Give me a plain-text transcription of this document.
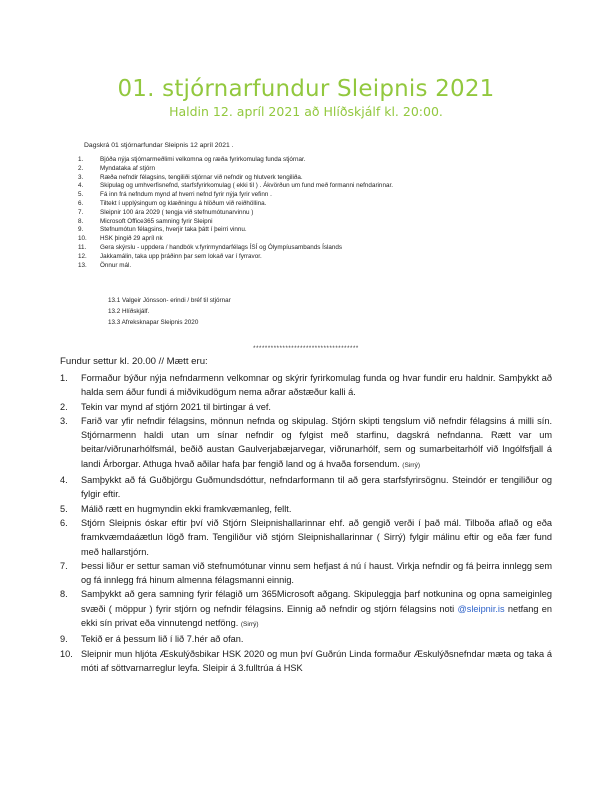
01. stjórnarfundur Sleipnis 2021
Haldin 12. apríl 2021 að Hlíðskjálf kl. 20:00.
Dagskrá 01 stjórnarfundar Sleipnis 12 apríl 2021 .
1.	Bjóða nýja stjórnarmeðlimi velkomna og ræða fyrirkomulag funda stjórnar.
2.	Myndataka af stjórn
3.	Ræða nefndir félagsins, tengiliði stjórnar við nefndir og hlutverk tengiliða.
4.	Skipulag og umhverfisnefnd, starfsfyrirkomulag ( ekki til ) . Ákvörðun um fund með formanni nefndarinnar.
5.	Fá inn frá nefndum mynd af hverri nefnd fyrir nýja fyrir vefinn .
6.	Tiltekt í upplýsingum og klæðningu á hlöðum við reiðhöllina.
7.	Sleipnir 100 ára 2029 ( tengja við stefnumótunarvinnu )
8.	Microsoft Office365 samning fyrir Sleipni
9.	Stefnumótun félagsins, hverjir taka þátt í þeirri vinnu.
10.	HSK þingið 29 apríl nk
11.	Gera skýrslu - uppdera / handbók v.fyrirmyndarfélags ÍSÍ og Ólympíusambands Íslands
12.	Jakkamálin, taka upp þráðinn þar sem lokað var í fyrravor.
13.	Önnur mál.
13.1 Valgeir Jónsson- erindi / bréf til stjórnar
13.2 Hlíðskjálf.
13.3 Afreksknapar Sleipnis 2020
************************************
Fundur settur kl. 20.00 // Mætt eru:
1.	Formaður býður nýja nefndarmenn velkomnar og skýrir fyrirkomulag funda og hvar fundir eru haldnir. Samþykkt að halda sem áður fundi á miðvikudögum nema aðrar aðstæður kalli á.
2.	Tekin var mynd af stjórn 2021 til birtingar á vef.
3.	Farið var yfir nefndir félagsins, mönnun nefnda og skipulag. Stjórn skipti tengslum við nefndir félagsins á milli sín. Stjórnarmenn haldi utan um sínar nefndir og fylgist með starfinu, dagskrá nefndanna. Rætt var um beitar/viðrunarhólfsmál, beðið austan Gaulverjabæjarvegar, viðrunarhólf, sem og sumarbeitarhólf við Ingólfsfjall á landi Árborgar. Athuga hvað aðilar hafa þar fengið land og á hvaða forsendum. (Sirrý)
4.	Samþykkt að fá Guðbjörgu Guðmundsdóttur, nefndarformann til að gera starfsfyrirsögnu. Steindór er tengiliður og fylgir eftir.
5.	Málið rætt en hugmyndin ekki framkvæmanleg, fellt.
6.	Stjórn Sleipnis óskar eftir því við Stjórn Sleipnishallarinnar ehf. að gengið verði í það mál. Tilboða aflað og eða framkvæmdaáætlun lögð fram. Tengiliður við stjórn Sleipnishallarinnar ( Sirrý) fylgir málinu eftir og eða fær fund með hallarstjórn.
7.	Þessi liður er settur saman við stefnumótunar vinnu sem hefjast á nú í haust. Virkja nefndir og fá þeirra innlegg sem og fá innlegg frá hinum almenna félagsmanni einnig.
8.	Samþykkt að gera samning fyrir félagið um 365Microsoft aðgang. Skipuleggja þarf notkunina og opna sameiginleg svæði ( möppur ) fyrir stjórn og nefndir félagsins. Einnig að nefndir og stjórn félagsins noti @sleipnir.is netfang en ekki sín privat eða vinnutengd netföng. (Sirrý)
9.	Tekið er á þessum lið í lið 7.hér að ofan.
10. Sleipnir mun hljóta Æskulýðsbikar HSK 2020 og mun því Guðrún Linda formaður Æskulýðsnefndar mæta og taka á móti af söttvarnarreglur leyfa. Sleipir á 3.fulltrúa á HSK
